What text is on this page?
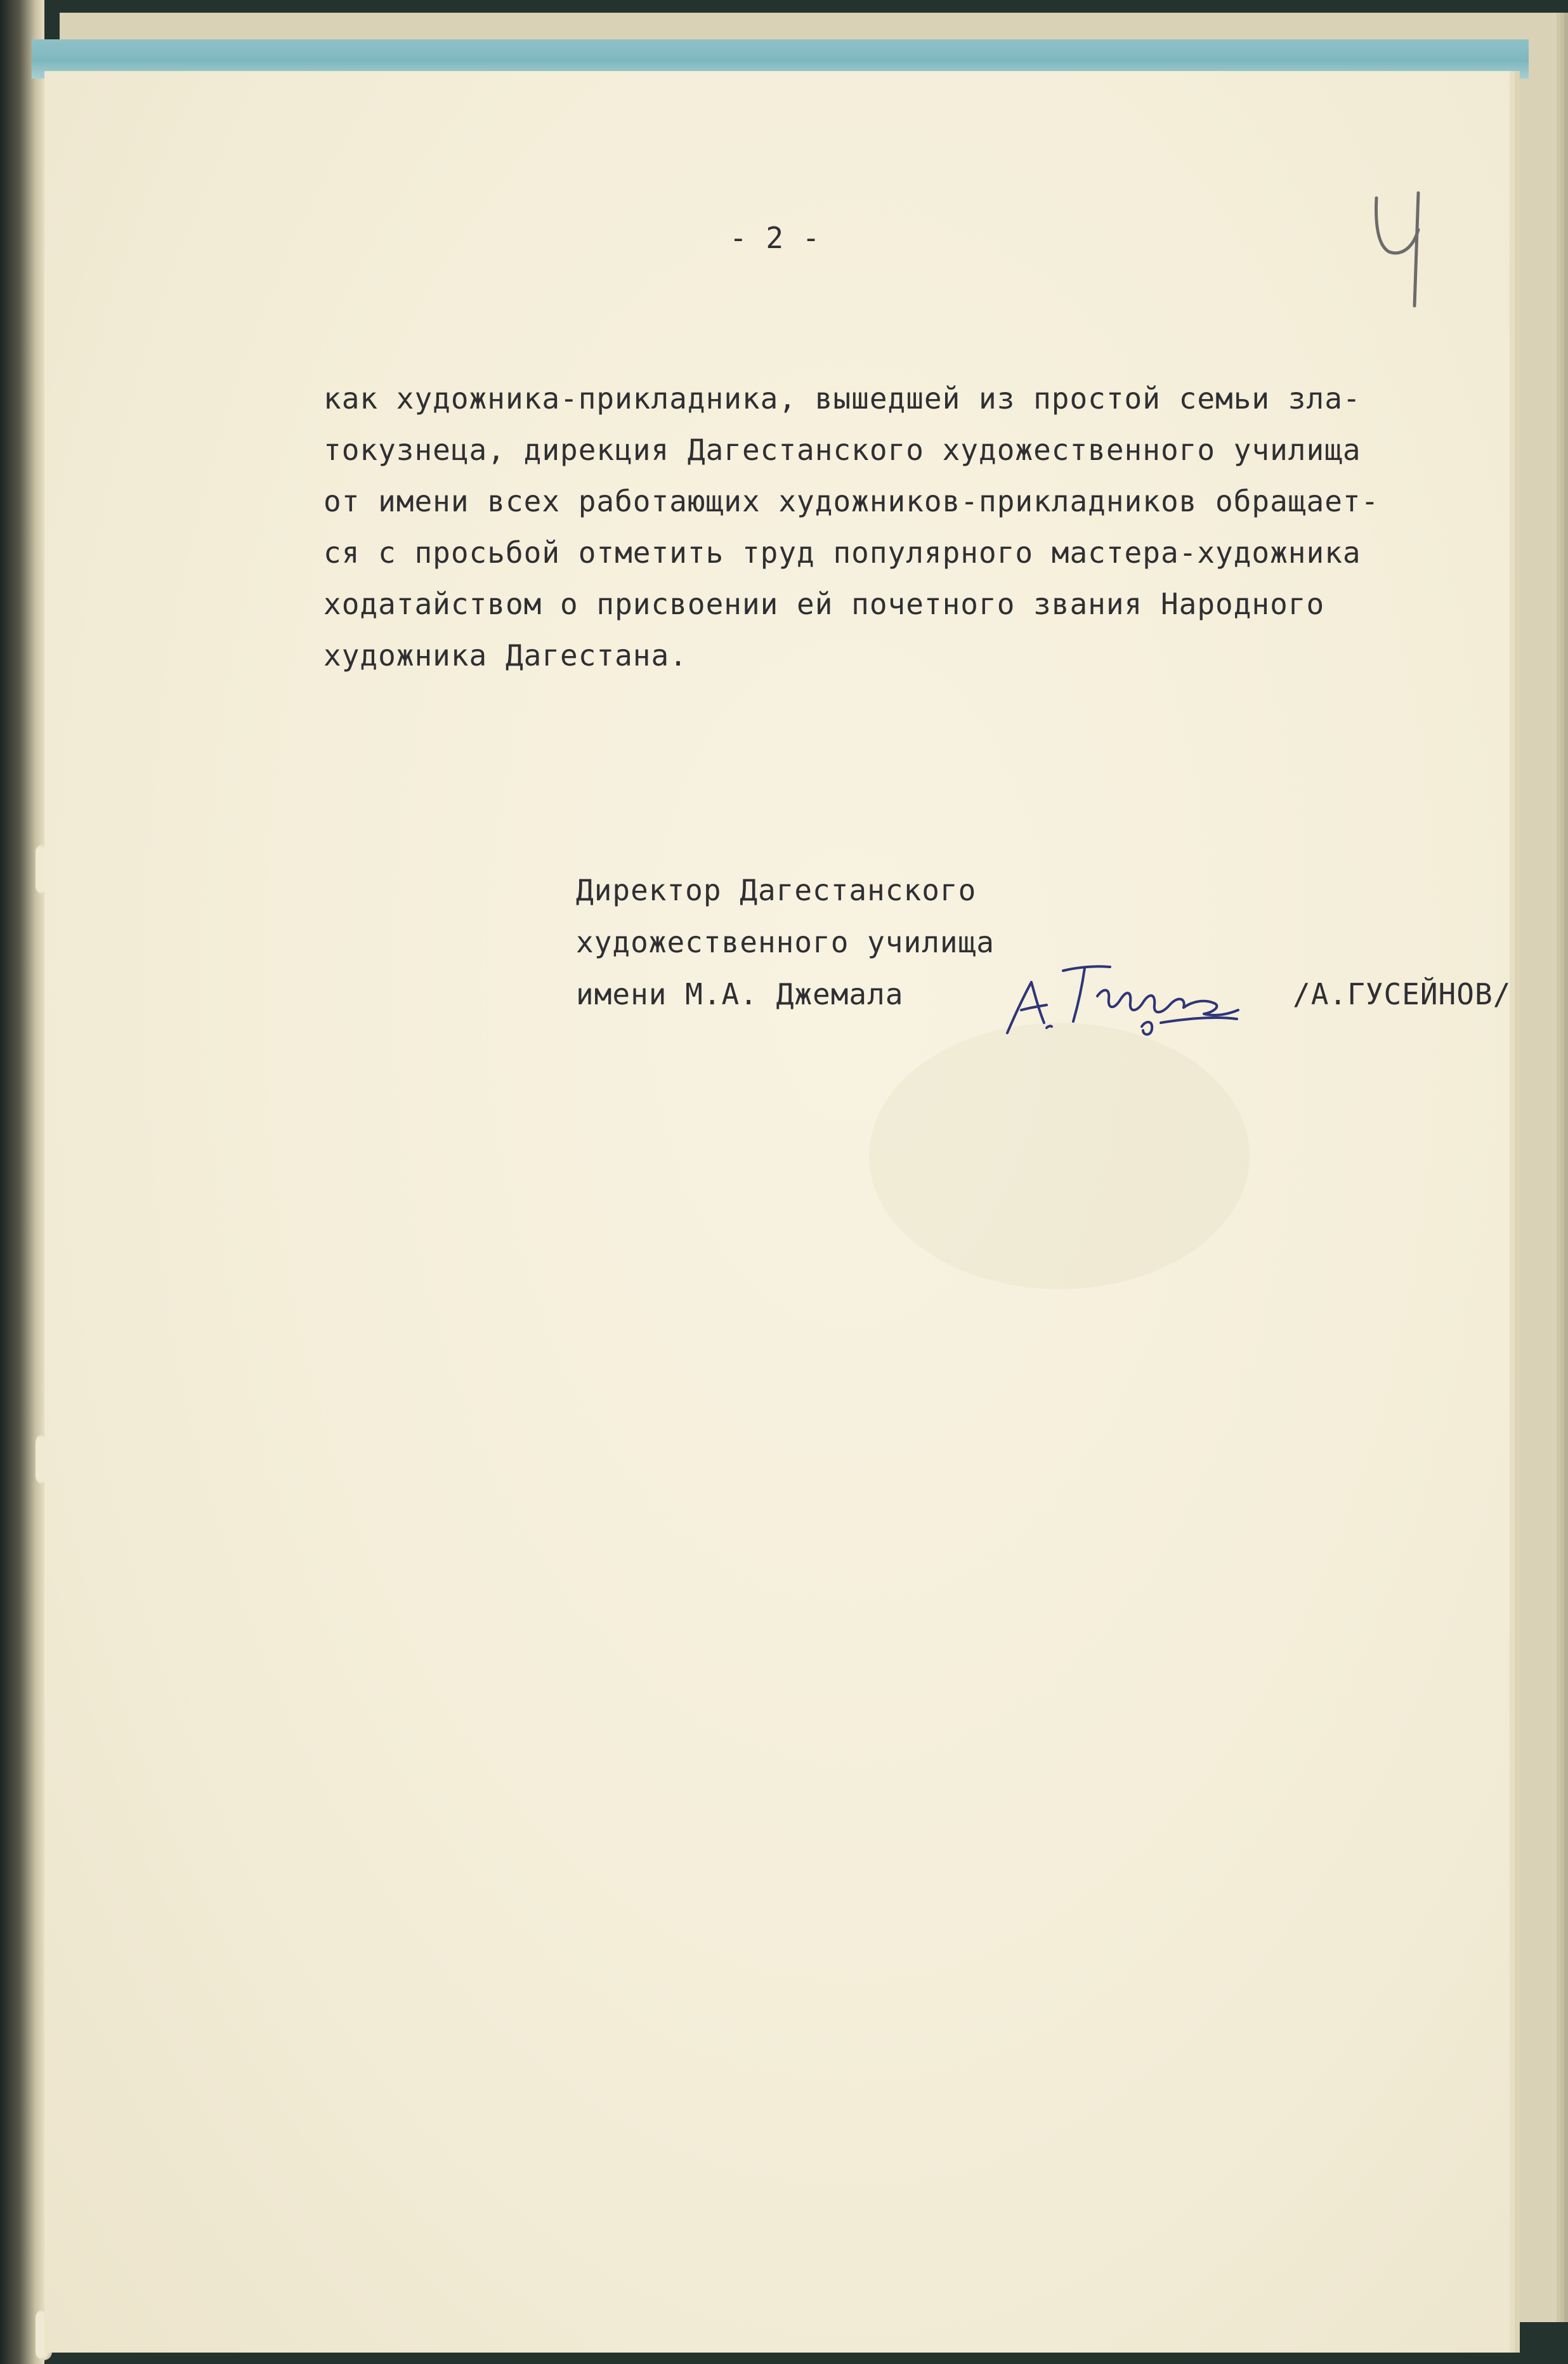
- 2 -
как художника-прикладника, вышедшей из простой семьи зла-
токузнеца, дирекция Дагестанского художественного училища
от имени всех работающих художников-прикладников обращает-
ся с просьбой отметить труд популярного мастера-художника
ходатайством о присвоении ей почетного звания Народного
художника Дагестана.
Директор Дагестанского
художественного училища
имени М.А. Джемала	/А.ГУСЕЙНОВ/
